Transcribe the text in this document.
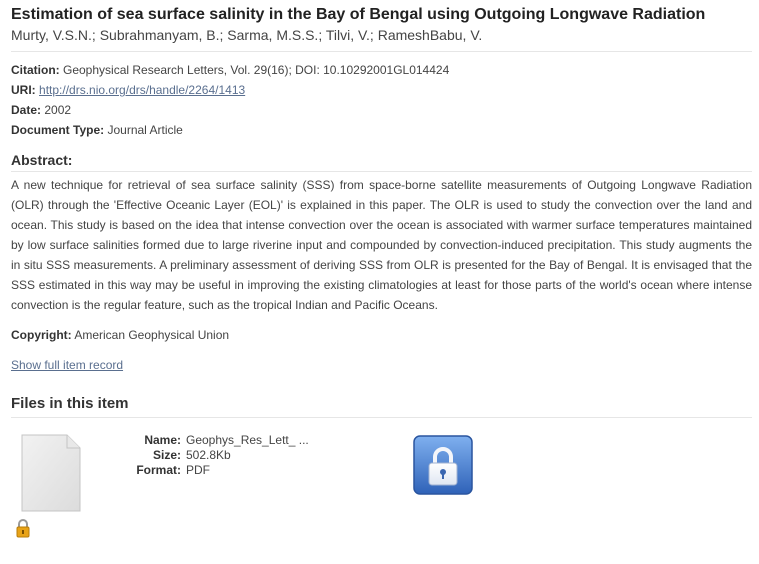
Estimation of sea surface salinity in the Bay of Bengal using Outgoing Longwave Radiation
Murty, V.S.N.; Subrahmanyam, B.; Sarma, M.S.S.; Tilvi, V.; RameshBabu, V.
Citation: Geophysical Research Letters, Vol. 29(16); DOI: 10.10292001GL014424
URI: http://drs.nio.org/drs/handle/2264/1413
Date: 2002
Document Type: Journal Article
Abstract:
A new technique for retrieval of sea surface salinity (SSS) from space-borne satellite measurements of Outgoing Longwave Radiation (OLR) through the 'Effective Oceanic Layer (EOL)' is explained in this paper. The OLR is used to study the convection over the land and ocean. This study is based on the idea that intense convection over the ocean is associated with warmer surface temperatures maintained by low surface salinities formed due to large riverine input and compounded by convection-induced precipitation. This study augments the in situ SSS measurements. A preliminary assessment of deriving SSS from OLR is presented for the Bay of Bengal. It is envisaged that the SSS estimated in this way may be useful in improving the existing climatologies at least for those parts of the world's ocean where intense convection is the regular feature, such as the tropical Indian and Pacific Oceans.
Copyright: American Geophysical Union
Show full item record
Files in this item
Name: Geophys_Res_Lett_ ...
Size: 502.8Kb
Format: PDF
